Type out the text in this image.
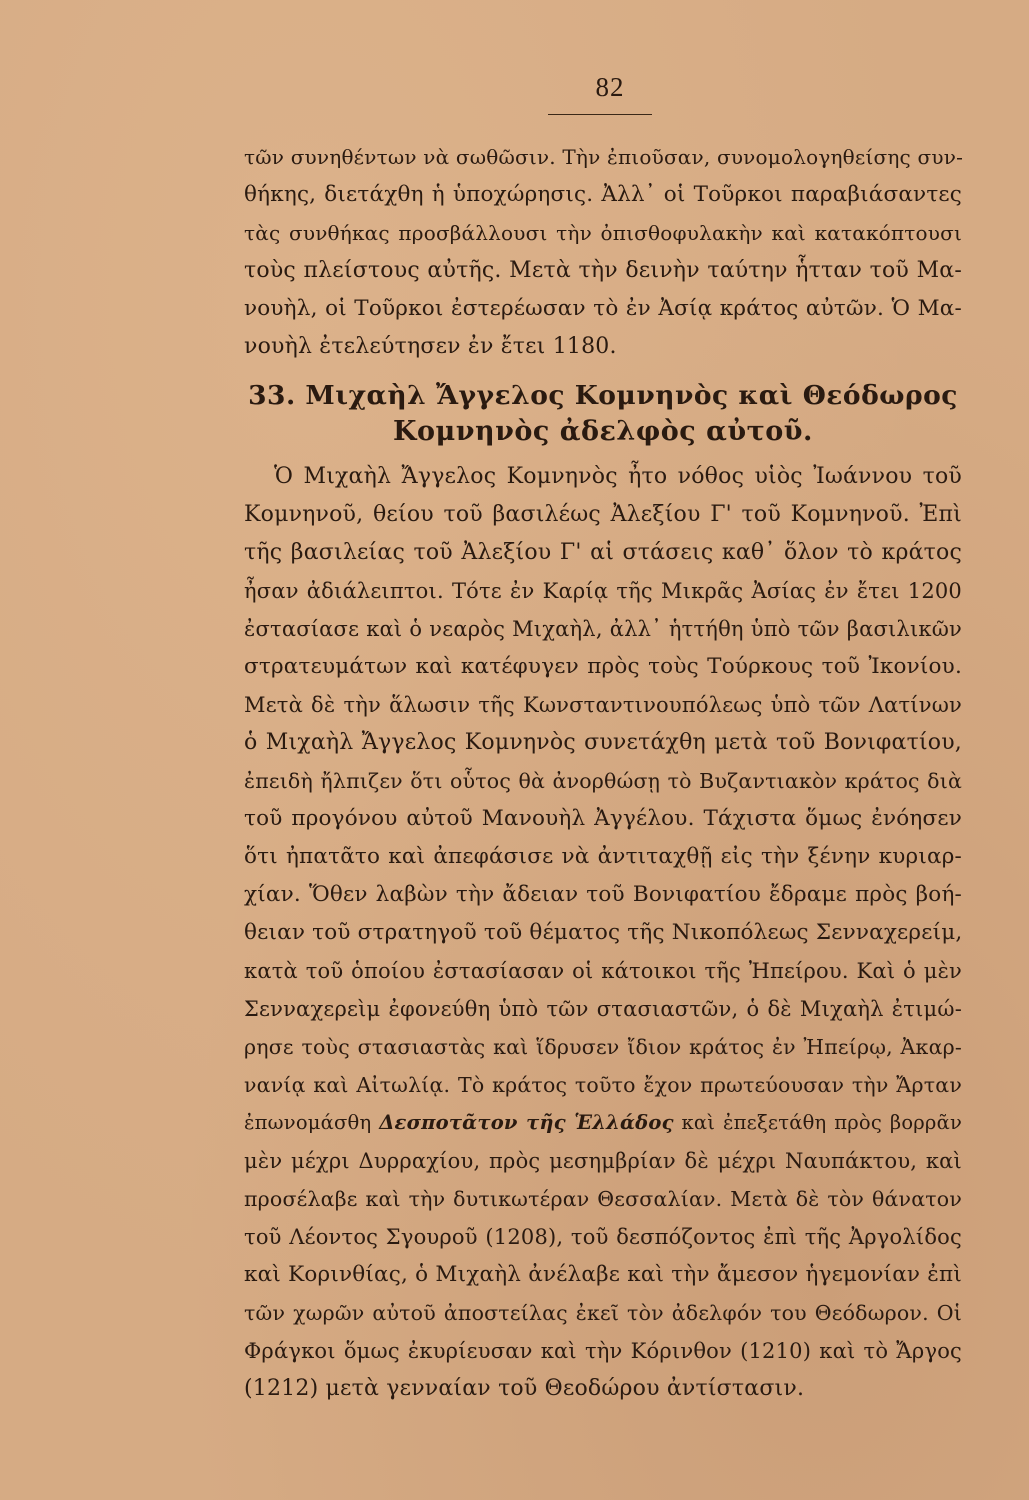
82
τῶν συνηθέντων νὰ σωθῶσιν. Τὴν ἐπιοῦσαν, συνομολογηθείσης συν-
θήκης, διετάχθη ἡ ὑποχώρησις. Ἀλλ᾽ οἱ Τοῦρκοι παραβιάσαντες
τὰς συνθήκας προσβάλλουσι τὴν ὀπισθοφυλακὴν καὶ κατακόπτουσι
τοὺς πλείστους αὐτῆς. Μετὰ τὴν δεινὴν ταύτην ἧτταν τοῦ Μα-
νουὴλ, οἱ Τοῦρκοι ἐστερέωσαν τὸ ἐν Ἀσίᾳ κράτος αὐτῶν. Ὁ Μα-
νουὴλ ἐτελεύτησεν ἐν ἔτει 1180.
33. Μιχαὴλ Ἄγγελος Κομνηνὸς καὶ Θεόδωρος
Κομνηνὸς ἀδελφὸς αὐτοῦ.
Ὁ Μιχαὴλ Ἄγγελος Κομνηνὸς ἦτο νόθος υἱὸς Ἰωάννου τοῦ
Κομνηνοῦ, θείου τοῦ βασιλέως Ἀλεξίου Γ' τοῦ Κομνηνοῦ. Ἐπὶ
τῆς βασιλείας τοῦ Ἀλεξίου Γ' αἱ στάσεις καθ᾽ ὅλον τὸ κράτος
ἦσαν ἀδιάλειπτοι. Τότε ἐν Καρίᾳ τῆς Μικρᾶς Ἀσίας ἐν ἔτει 1200
ἐστασίασε καὶ ὁ νεαρὸς Μιχαὴλ, ἀλλ᾽ ἡττήθη ὑπὸ τῶν βασιλικῶν
στρατευμάτων καὶ κατέφυγεν πρὸς τοὺς Τούρκους τοῦ Ἰκονίου.
Μετὰ δὲ τὴν ἅλωσιν τῆς Κωνσταντινουπόλεως ὑπὸ τῶν Λατίνων
ὁ Μιχαὴλ Ἄγγελος Κομνηνὸς συνετάχθη μετὰ τοῦ Βονιφατίου,
ἐπειδὴ ἤλπιζεν ὅτι οὗτος θὰ ἀνορθώσῃ τὸ Βυζαντιακὸν κράτος διὰ
τοῦ προγόνου αὐτοῦ Μανουὴλ Ἀγγέλου. Τάχιστα ὅμως ἐνόησεν
ὅτι ἠπατᾶτο καὶ ἀπεφάσισε νὰ ἀντιταχθῇ εἰς τὴν ξένην κυριαρ-
χίαν. Ὅθεν λαβὼν τὴν ἄδειαν τοῦ Βονιφατίου ἔδραμε πρὸς βοή-
θειαν τοῦ στρατηγοῦ τοῦ θέματος τῆς Νικοπόλεως Σενναχερείμ,
κατὰ τοῦ ὁποίου ἐστασίασαν οἱ κάτοικοι τῆς Ἠπείρου. Καὶ ὁ μὲν
Σενναχερεὶμ ἐφονεύθη ὑπὸ τῶν στασιαστῶν, ὁ δὲ Μιχαὴλ ἐτιμώ-
ρησε τοὺς στασιαστὰς καὶ ἵδρυσεν ἴδιον κράτος ἐν Ἠπείρῳ, Ἀκαρ-
νανίᾳ καὶ Αἰτωλίᾳ. Τὸ κράτος τοῦτο ἔχον πρωτεύουσαν τὴν Ἄρταν
ἐπωνομάσθη Δεσποτᾶτον τῆς Ἑλλάδος καὶ ἐπεξετάθη πρὸς βορρᾶν
μὲν μέχρι Δυρραχίου, πρὸς μεσημβρίαν δὲ μέχρι Ναυπάκτου, καὶ
προσέλαβε καὶ τὴν δυτικωτέραν Θεσσαλίαν. Μετὰ δὲ τὸν θάνατον
τοῦ Λέοντος Σγουροῦ (1208), τοῦ δεσπόζοντος ἐπὶ τῆς Ἀργολίδος
καὶ Κορινθίας, ὁ Μιχαὴλ ἀνέλαβε καὶ τὴν ἄμεσον ἡγεμονίαν ἐπὶ
τῶν χωρῶν αὐτοῦ ἀποστείλας ἐκεῖ τὸν ἀδελφόν του Θεόδωρον. Οἱ
Φράγκοι ὅμως ἐκυρίευσαν καὶ τὴν Κόρινθον (1210) καὶ τὸ Ἄργος
(1212) μετὰ γενναίαν τοῦ Θεοδώρου ἀντίστασιν.
